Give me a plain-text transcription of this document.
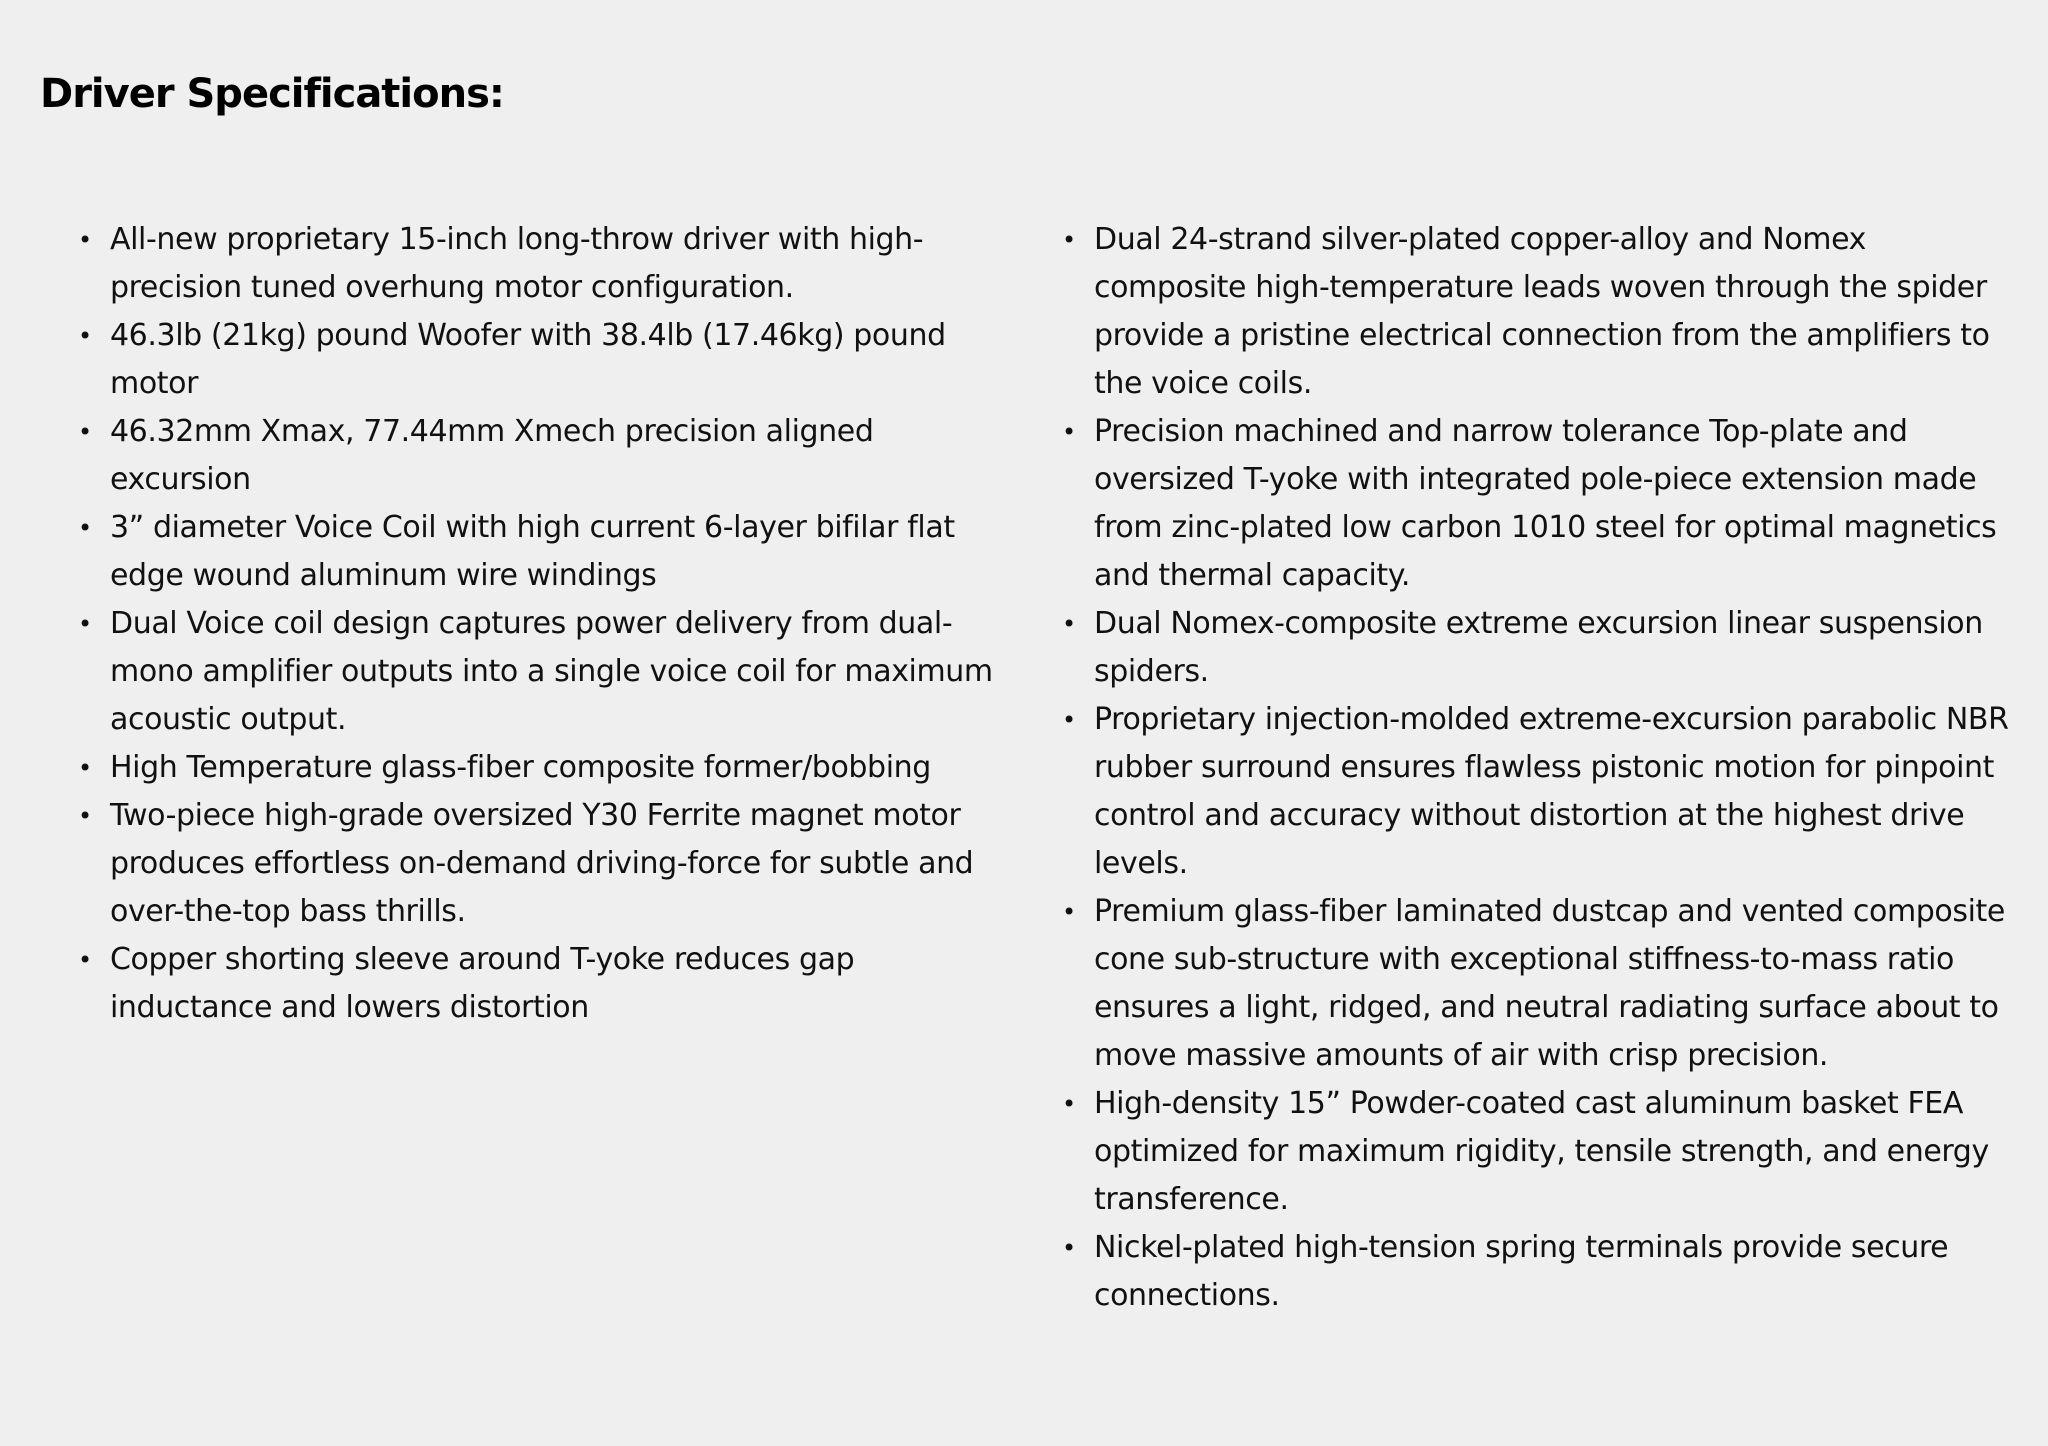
Driver Specifications:
• All-new proprietary 15-inch long-throw driver with high-precision tuned overhung motor configuration.
• 46.3lb (21kg) pound Woofer with 38.4lb (17.46kg) pound motor
• 46.32mm Xmax, 77.44mm Xmech precision aligned excursion
• 3” diameter Voice Coil with high current 6-layer bifilar flat edge wound aluminum wire windings
• Dual Voice coil design captures power delivery from dual-mono amplifier outputs into a single voice coil for maximum acoustic output.
• High Temperature glass-fiber composite former/bobbing
• Two-piece high-grade oversized Y30 Ferrite magnet motor produces effortless on-demand driving-force for subtle and over-the-top bass thrills.
• Copper shorting sleeve around T-yoke reduces gap inductance and lowers distortion
• Dual 24-strand silver-plated copper-alloy and Nomex composite high-temperature leads woven through the spider provide a pristine electrical connection from the amplifiers to the voice coils.
• Precision machined and narrow tolerance Top-plate and oversized T-yoke with integrated pole-piece extension made from zinc-plated low carbon 1010 steel for optimal magnetics and thermal capacity.
• Dual Nomex-composite extreme excursion linear suspension spiders.
• Proprietary injection-molded extreme-excursion parabolic NBR rubber surround ensures flawless pistonic motion for pinpoint control and accuracy without distortion at the highest drive levels.
• Premium glass-fiber laminated dustcap and vented composite cone sub-structure with exceptional stiffness-to-mass ratio ensures a light, ridged, and neutral radiating surface about to move massive amounts of air with crisp precision.
• High-density 15” Powder-coated cast aluminum basket FEA optimized for maximum rigidity, tensile strength, and energy transference.
• Nickel-plated high-tension spring terminals provide secure connections.
